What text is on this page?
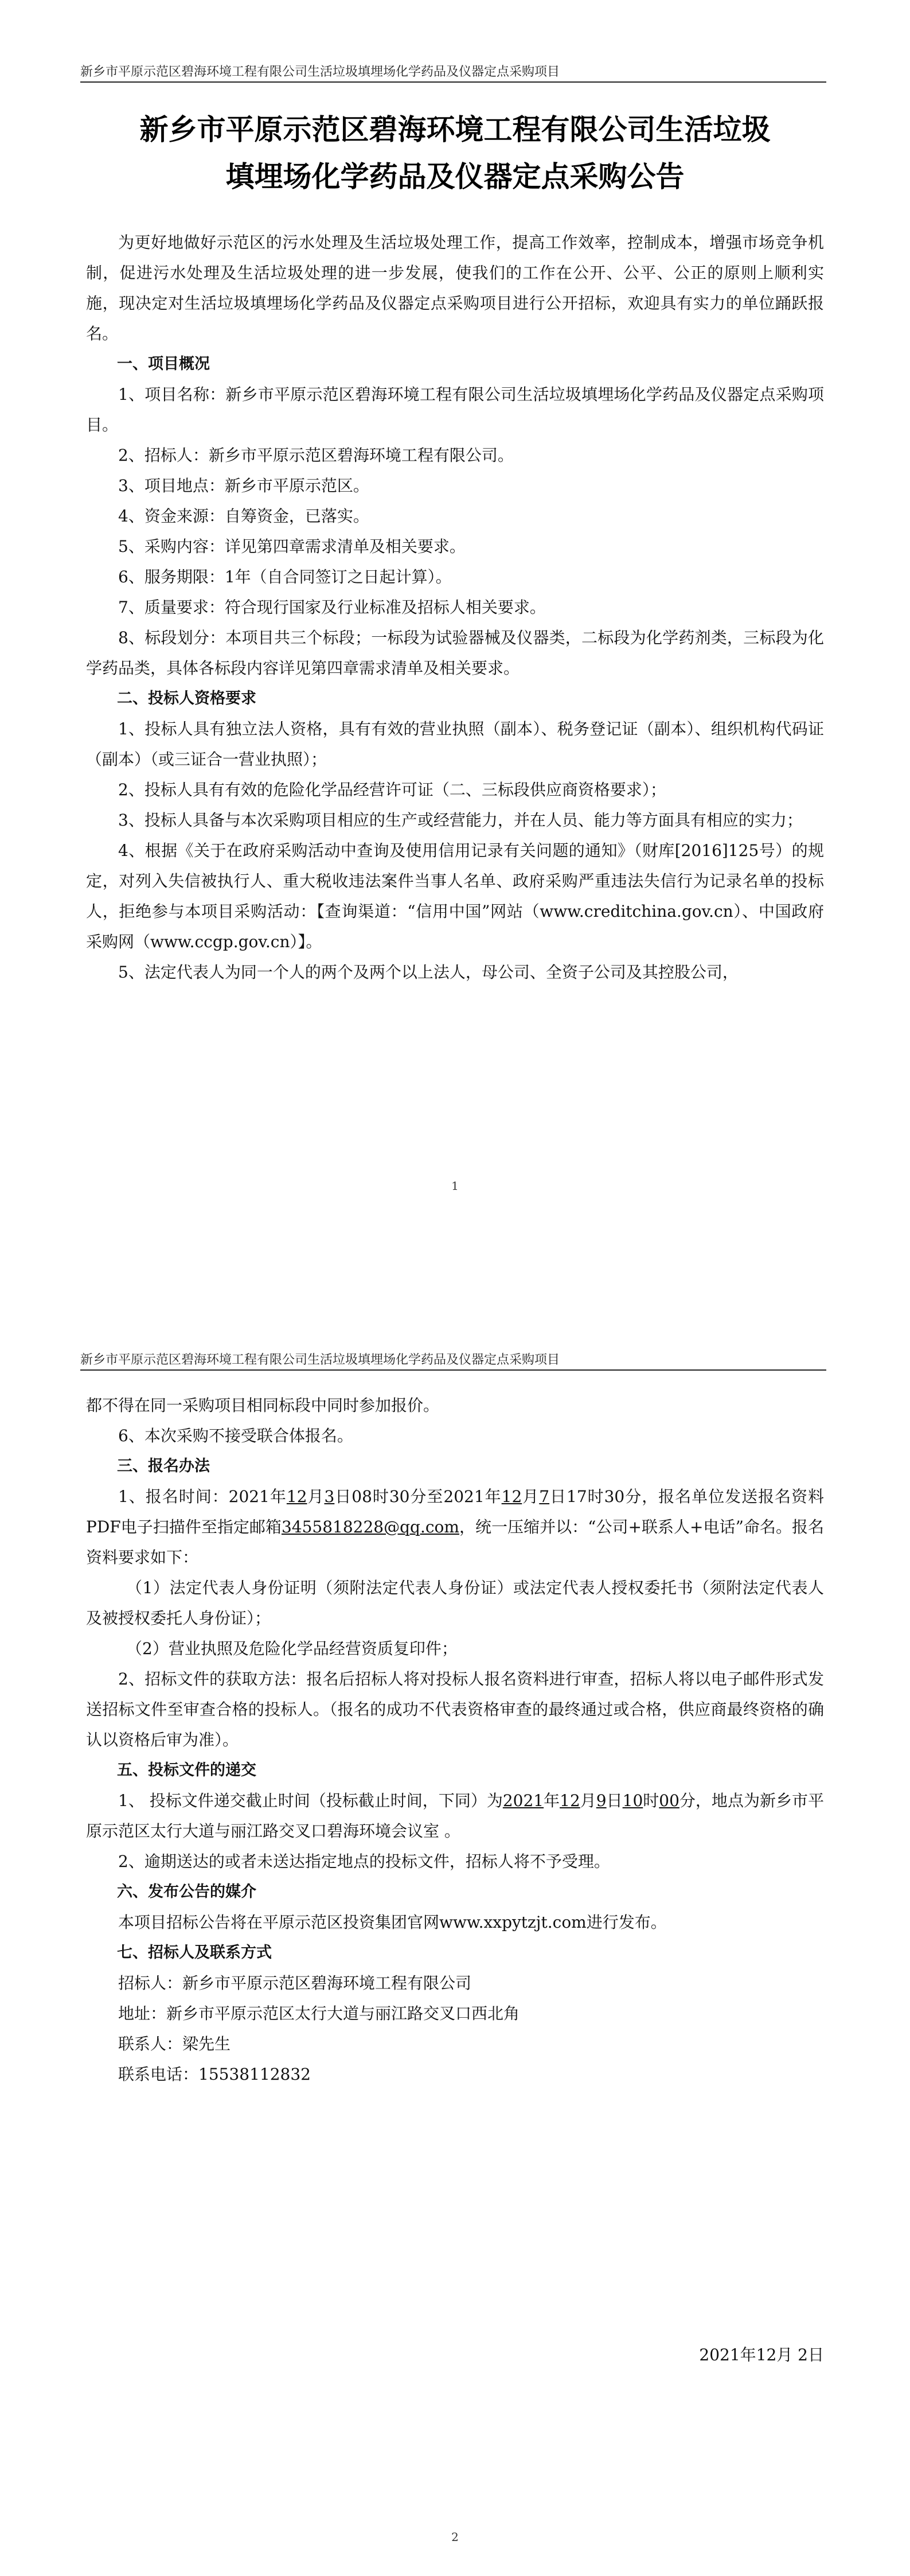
新乡市平原示范区碧海环境工程有限公司生活垃圾填埋场化学药品及仪器定点采购项目
新乡市平原示范区碧海环境工程有限公司生活垃圾
填埋场化学药品及仪器定点采购公告

为更好地做好示范区的污水处理及生活垃圾处理工作，提高工作效率，控制成本，增强市场竞争机制，促进污水处理及生活垃圾处理的进一步发展，使我们的工作在公开、公平、公正的原则上顺利实施，现决定对生活垃圾填埋场化学药品及仪器定点采购项目进行公开招标，欢迎具有实力的单位踊跃报名。

一、项目概况

1、项目名称：新乡市平原示范区碧海环境工程有限公司生活垃圾填埋场化学药品及仪器定点采购项目。

2、招标人：新乡市平原示范区碧海环境工程有限公司。

3、项目地点：新乡市平原示范区。

4、资金来源：自筹资金，已落实。

5、采购内容：详见第四章需求清单及相关要求。

6、服务期限：1年（自合同签订之日起计算）。

7、质量要求：符合现行国家及行业标准及招标人相关要求。

8、标段划分：本项目共三个标段；一标段为试验器械及仪器类，二标段为化学药剂类，三标段为化学药品类，具体各标段内容详见第四章需求清单及相关要求。

二、投标人资格要求

1、投标人具有独立法人资格，具有有效的营业执照（副本）、税务登记证（副本）、组织机构代码证（副本）（或三证合一营业执照）；

2、投标人具有有效的危险化学品经营许可证（二、三标段供应商资格要求）；

3、投标人具备与本次采购项目相应的生产或经营能力，并在人员、能力等方面具有相应的实力；

4、根据《关于在政府采购活动中查询及使用信用记录有关问题的通知》（财库[2016]125号）的规定，对列入失信被执行人、重大税收违法案件当事人名单、政府采购严重违法失信行为记录名单的投标人，拒绝参与本项目采购活动：【查询渠道：“信用中国”网站（www.creditchina.gov.cn）、中国政府采购网（www.ccgp.gov.cn）】。

5、法定代表人为同一个人的两个及两个以上法人，母公司、全资子公司及其控股公司，

1
新乡市平原示范区碧海环境工程有限公司生活垃圾填埋场化学药品及仪器定点采购项目

都不得在同一采购项目相同标段中同时参加报价。

6、本次采购不接受联合体报名。

三、报名办法

1、报名时间：2021年12月3日08时30分至2021年12月7日17时30分，报名单位发送报名资料PDF电子扫描件至指定邮箱3455818228@qq.com，统一压缩并以：“公司+联系人+电话”命名。报名资料要求如下：

（1）法定代表人身份证明（须附法定代表人身份证）或法定代表人授权委托书（须附法定代表人及被授权委托人身份证）；

（2）营业执照及危险化学品经营资质复印件；

2、招标文件的获取方法：报名后招标人将对投标人报名资料进行审查，招标人将以电子邮件形式发送招标文件至审查合格的投标人。（报名的成功不代表资格审查的最终通过或合格，供应商最终资格的确认以资格后审为准）。

五、投标文件的递交

1、 投标文件递交截止时间（投标截止时间，下同）为2021年12月9日10时00分，地点为新乡市平原示范区太行大道与丽江路交叉口碧海环境会议室 。

2、逾期送达的或者未送达指定地点的投标文件，招标人将不予受理。

六、发布公告的媒介

本项目招标公告将在平原示范区投资集团官网www.xxpytzjt.com进行发布。

七、招标人及联系方式

招标人：新乡市平原示范区碧海环境工程有限公司

地址：新乡市平原示范区太行大道与丽江路交叉口西北角

联系人：梁先生

联系电话：15538112832

2021年12月 2日
2
